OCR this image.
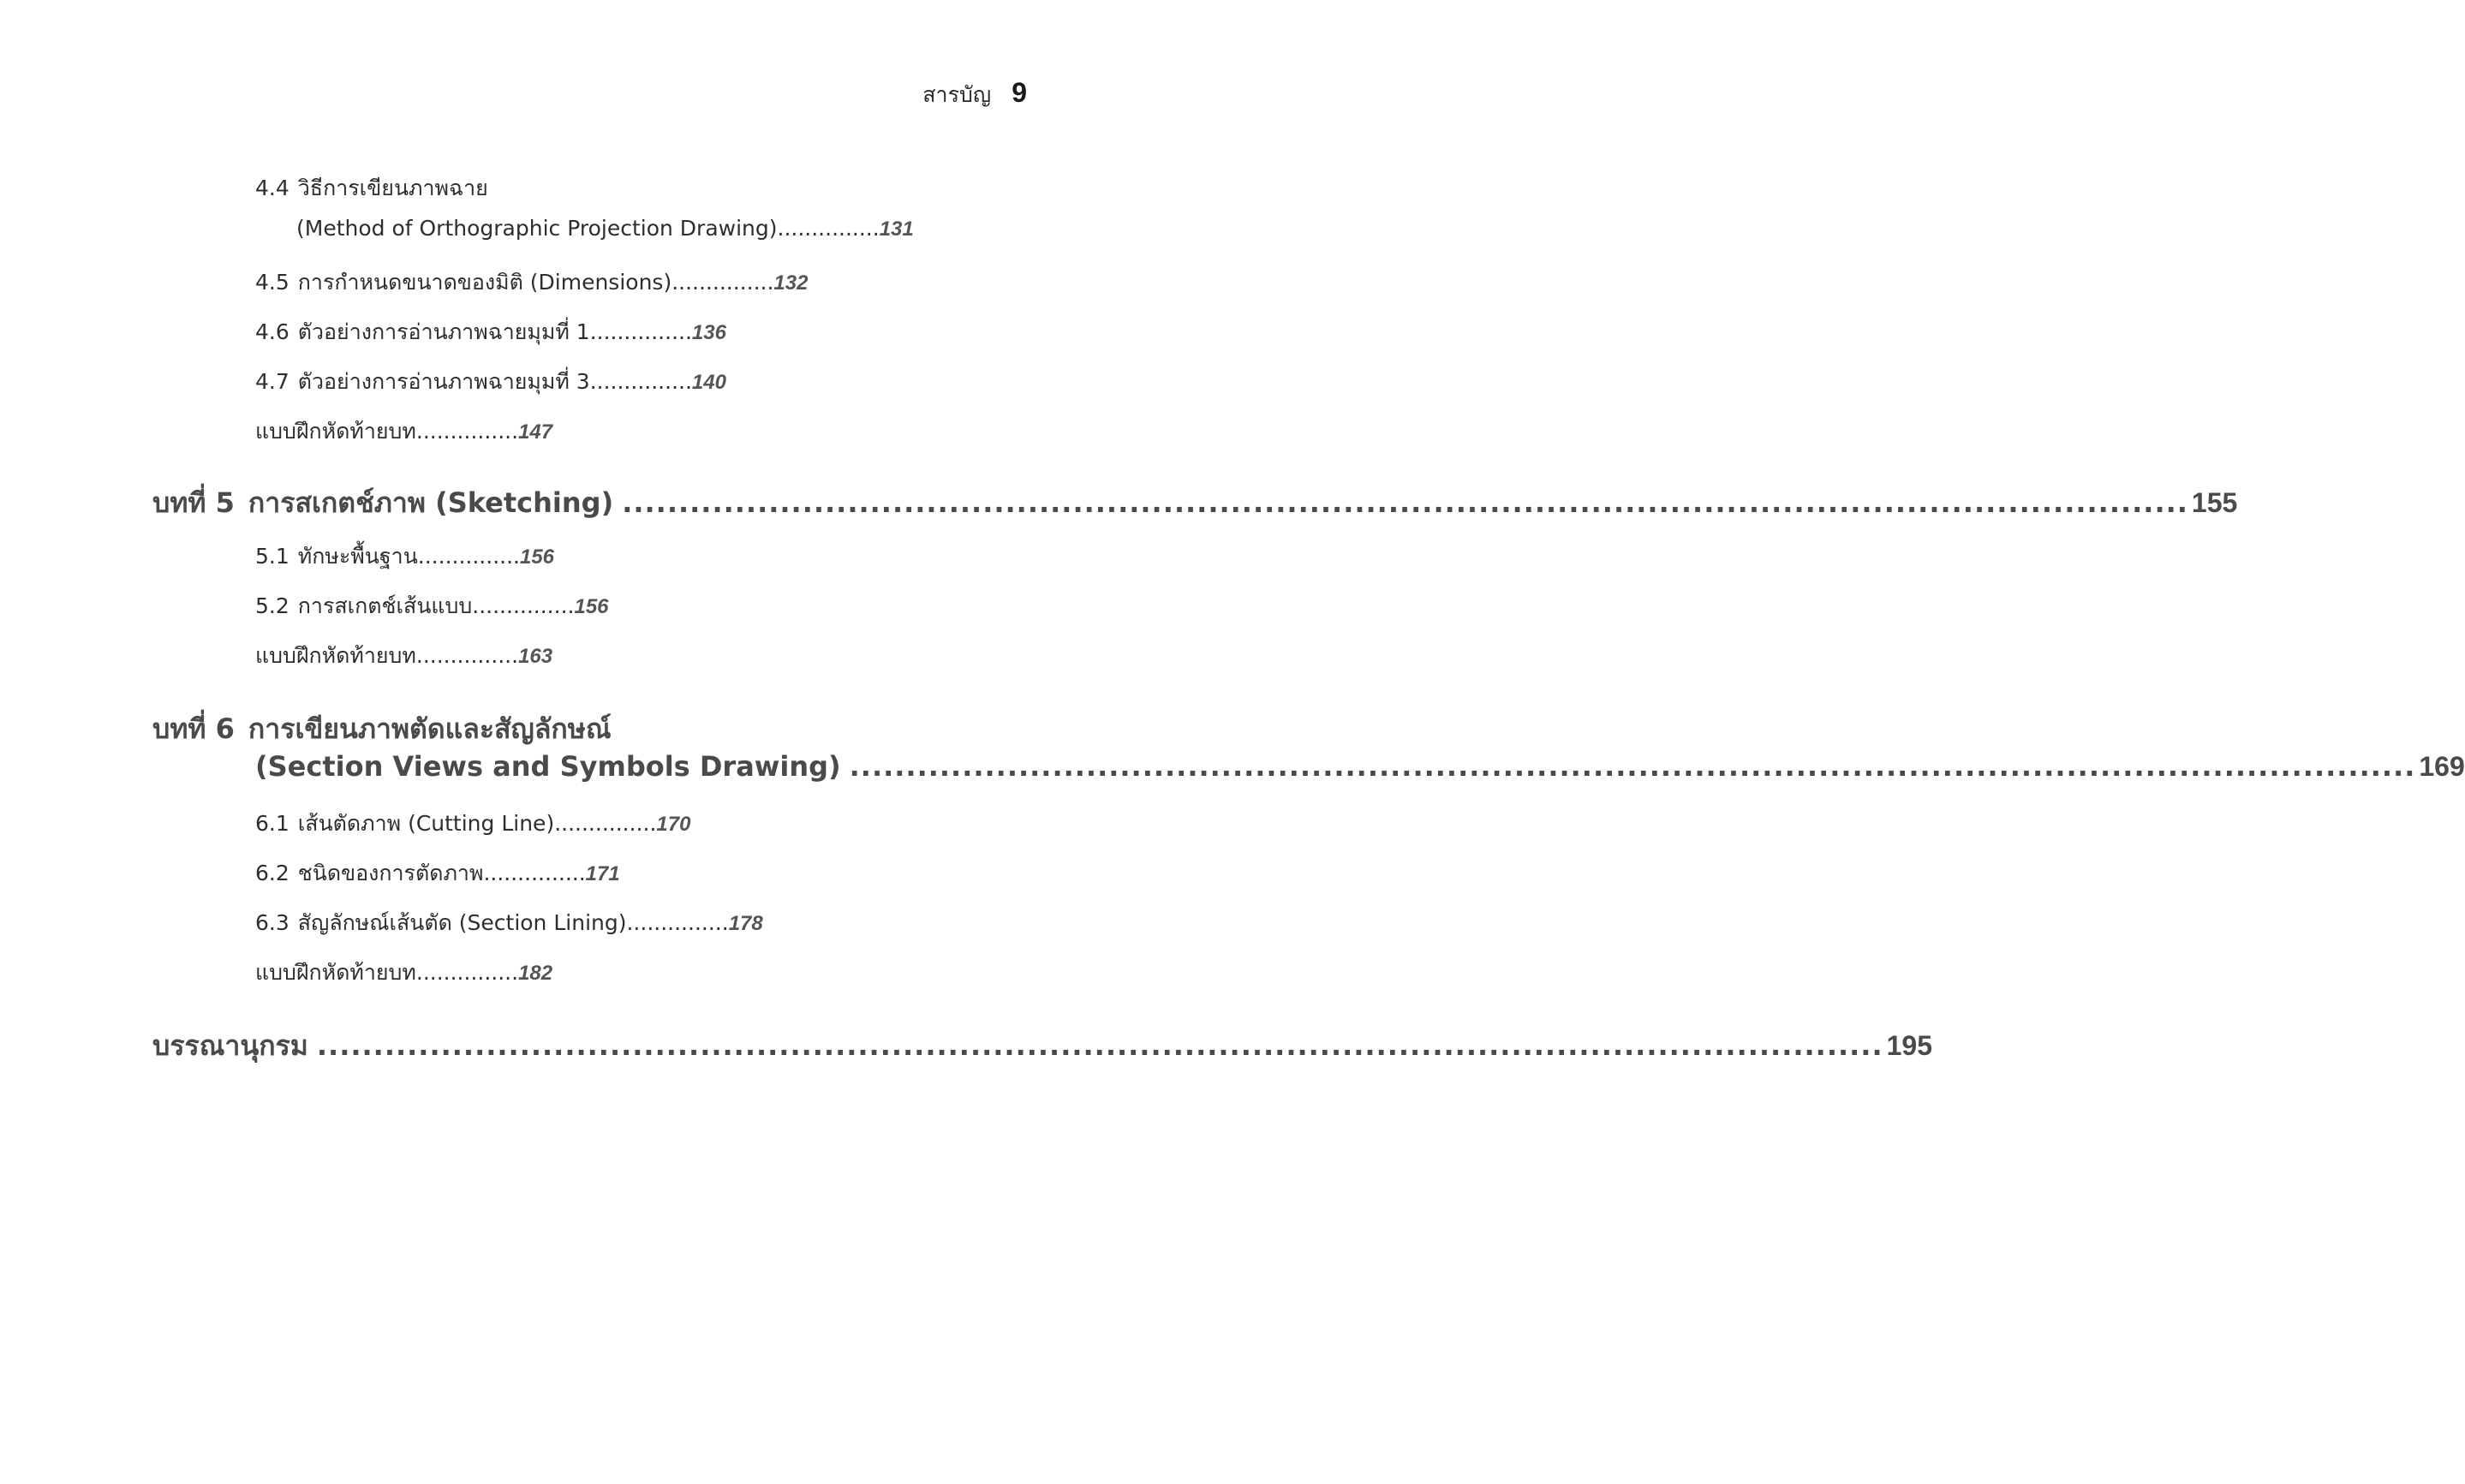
สารบัญ 9
4.4 วิธีการเขียนภาพฉาย
(Method of Orthographic Projection Drawing) ............... 131
4.5 การกำหนดขนาดของมิติ (Dimensions) ............... 132
4.6 ตัวอย่างการอ่านภาพฉายมุมที่ 1 ............... 136
4.7 ตัวอย่างการอ่านภาพฉายมุมที่ 3 ............... 140
แบบฝึกหัดท้ายบท ............... 147
บทที่ 5 การสเกตช์ภาพ (Sketching) ........................................................................................................................................... 155
5.1 ทักษะพื้นฐาน ............... 156
5.2 การสเกตช์เส้นแบบ ............... 156
แบบฝึกหัดท้ายบท ............... 163
บทที่ 6 การเขียนภาพตัดและสัญลักษณ์
(Section Views and Symbols Drawing) ........................................................................................................................................... 169
6.1 เส้นตัดภาพ (Cutting Line) ............... 170
6.2 ชนิดของการตัดภาพ ............... 171
6.3 สัญลักษณ์เส้นตัด (Section Lining) ............... 178
แบบฝึกหัดท้ายบท ............... 182
บรรณานุกรม ........................................................................................................................................... 195
